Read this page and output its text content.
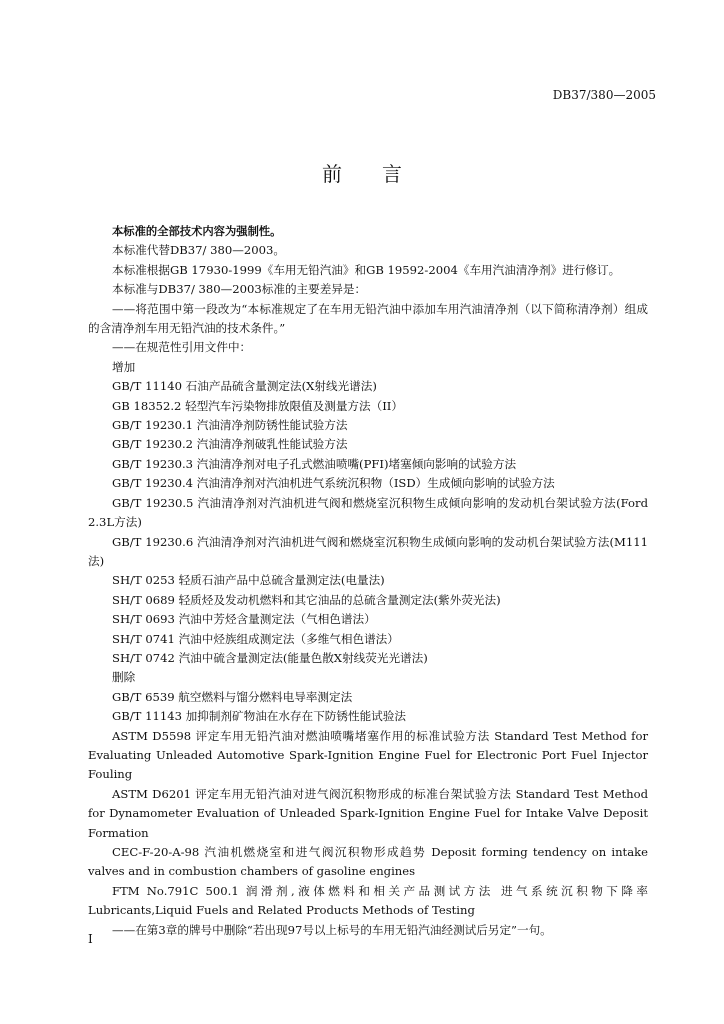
DB37/380—2005
前言

本标准的全部技术内容为强制性。

本标准代替DB37/ 380—2003。

本标准根据GB 17930-1999《车用无铅汽油》和GB 19592-2004《车用汽油清净剂》进行修订。

本标准与DB37/ 380—2003标准的主要差异是：

——将范围中第一段改为“本标准规定了在车用无铅汽油中添加车用汽油清净剂（以下简称清净剂）组成的含清净剂车用无铅汽油的技术条件。”

——在规范性引用文件中：

增加

GB/T 11140 石油产品硫含量测定法(X射线光谱法)

GB 18352.2 轻型汽车污染物排放限值及测量方法（II）

GB/T 19230.1 汽油清净剂防锈性能试验方法

GB/T 19230.2 汽油清净剂破乳性能试验方法

GB/T 19230.3 汽油清净剂对电子孔式燃油喷嘴(PFI)堵塞倾向影响的试验方法

GB/T 19230.4 汽油清净剂对汽油机进气系统沉积物（ISD）生成倾向影响的试验方法

GB/T 19230.5 汽油清净剂对汽油机进气阀和燃烧室沉积物生成倾向影响的发动机台架试验方法(Ford 2.3L方法)

GB/T 19230.6 汽油清净剂对汽油机进气阀和燃烧室沉积物生成倾向影响的发动机台架试验方法(M111法)

SH/T 0253 轻质石油产品中总硫含量测定法(电量法)

SH/T 0689 轻质烃及发动机燃料和其它油品的总硫含量测定法(紫外荧光法)

SH/T 0693 汽油中芳烃含量测定法（气相色谱法）

SH/T 0741 汽油中烃族组成测定法（多维气相色谱法）

SH/T 0742 汽油中硫含量测定法(能量色散X射线荧光光谱法)

删除

GB/T 6539 航空燃料与馏分燃料电导率测定法

GB/T 11143 加抑制剂矿物油在水存在下防锈性能试验法

ASTM D5598 评定车用无铅汽油对燃油喷嘴堵塞作用的标准试验方法 Standard Test Method for Evaluating Unleaded Automotive Spark-Ignition Engine Fuel for Electronic Port Fuel Injector Fouling

ASTM D6201 评定车用无铅汽油对进气阀沉积物形成的标准台架试验方法 Standard Test Method for Dynamometer Evaluation of Unleaded Spark-Ignition Engine Fuel for Intake Valve Deposit Formation

CEC-F-20-A-98 汽油机燃烧室和进气阀沉积物形成趋势 Deposit forming tendency on intake valves and in combustion chambers of gasoline engines

FTM No.791C 500.1 润滑剂,液体燃料和相关产品测试方法 进气系统沉积物下降率 Lubricants,Liquid Fuels and Related Products Methods of Testing

——在第3章的牌号中删除“若出现97号以上标号的车用无铅汽油经测试后另定”一句。

I
